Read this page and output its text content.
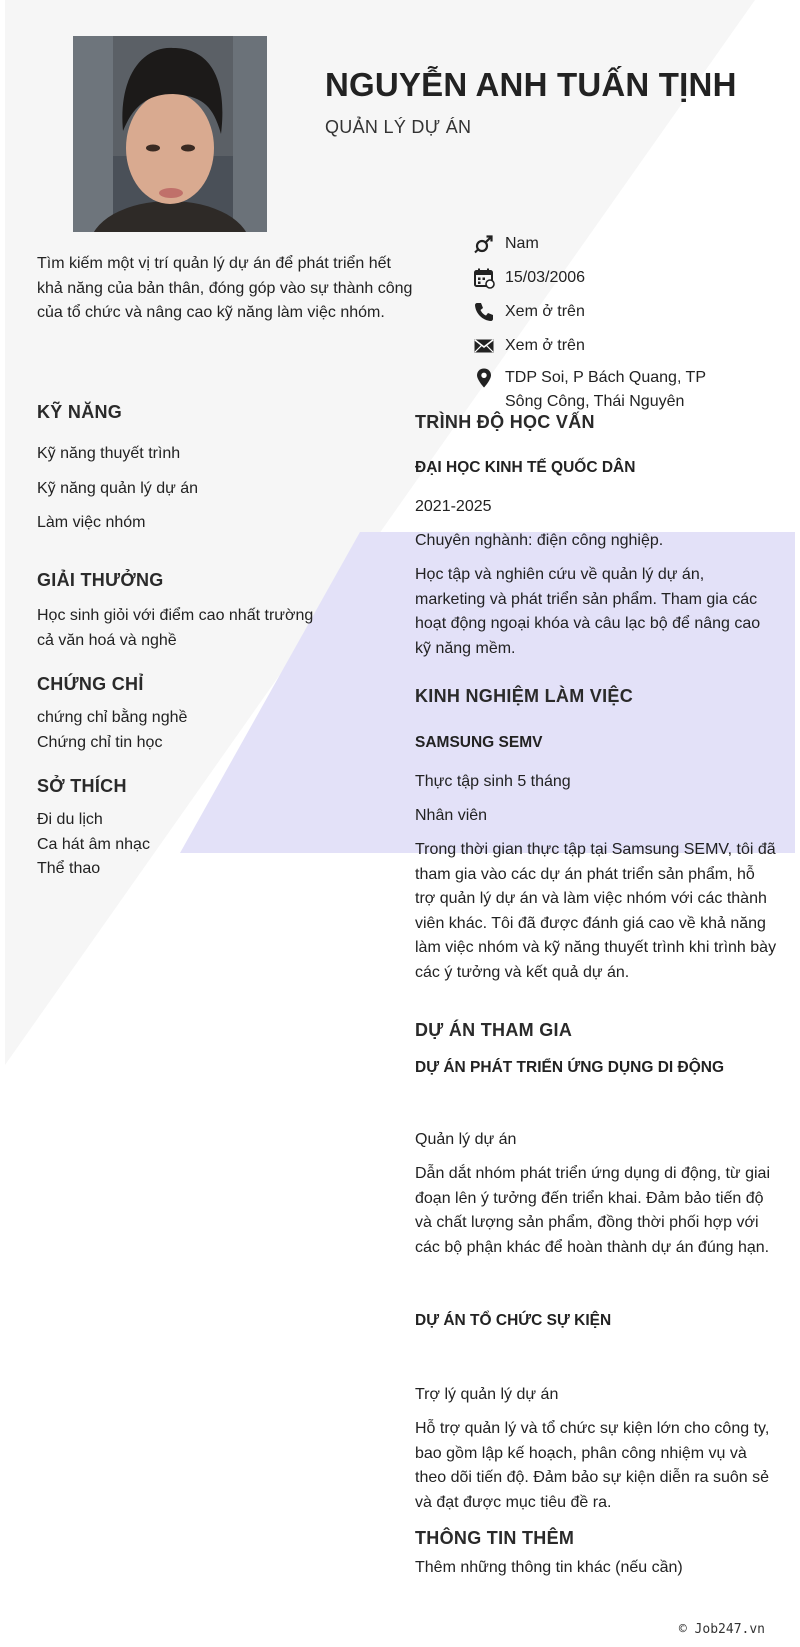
NGUYỄN ANH TUẤN TỊNH
QUẢN LÝ DỰ ÁN
Tìm kiếm một vị trí quản lý dự án để phát triển hết khả năng của bản thân, đóng góp vào sự thành công của tổ chức và nâng cao kỹ năng làm việc nhóm.
Nam
15/03/2006
Xem ở trên
Xem ở trên
TDP Soi, P Bách Quang, TP Sông Công, Thái Nguyên
KỸ NĂNG
Kỹ năng thuyết trình
Kỹ năng quản lý dự án
Làm việc nhóm
GIẢI THƯỞNG
Học sinh giỏi với điểm cao nhất trường
cả văn hoá và nghề
CHỨNG CHỈ
chứng chỉ bằng nghề
Chứng chỉ tin học
SỞ THÍCH
Đi du lịch
Ca hát âm nhạc
Thể thao
TRÌNH ĐỘ HỌC VẤN
ĐẠI HỌC KINH TẾ QUỐC DÂN
2021-2025
Chuyên nghành: điện công nghiệp.
Học tập và nghiên cứu về quản lý dự án, marketing và phát triển sản phẩm. Tham gia các hoạt động ngoại khóa và câu lạc bộ để nâng cao kỹ năng mềm.
KINH NGHIỆM LÀM VIỆC
SAMSUNG SEMV
Thực tập sinh 5 tháng
Nhân viên
Trong thời gian thực tập tại Samsung SEMV, tôi đã tham gia vào các dự án phát triển sản phẩm, hỗ trợ quản lý dự án và làm việc nhóm với các thành viên khác. Tôi đã được đánh giá cao về khả năng làm việc nhóm và kỹ năng thuyết trình khi trình bày các ý tưởng và kết quả dự án.
DỰ ÁN THAM GIA
DỰ ÁN PHÁT TRIỂN ỨNG DỤNG DI ĐỘNG
Quản lý dự án
Dẫn dắt nhóm phát triển ứng dụng di động, từ giai đoạn lên ý tưởng đến triển khai. Đảm bảo tiến độ và chất lượng sản phẩm, đồng thời phối hợp với các bộ phận khác để hoàn thành dự án đúng hạn.
DỰ ÁN TỔ CHỨC SỰ KIỆN
Trợ lý quản lý dự án
Hỗ trợ quản lý và tổ chức sự kiện lớn cho công ty, bao gồm lập kế hoạch, phân công nhiệm vụ và theo dõi tiến độ. Đảm bảo sự kiện diễn ra suôn sẻ và đạt được mục tiêu đề ra.
THÔNG TIN THÊM
Thêm những thông tin khác (nếu cần)
© Job247.vn
